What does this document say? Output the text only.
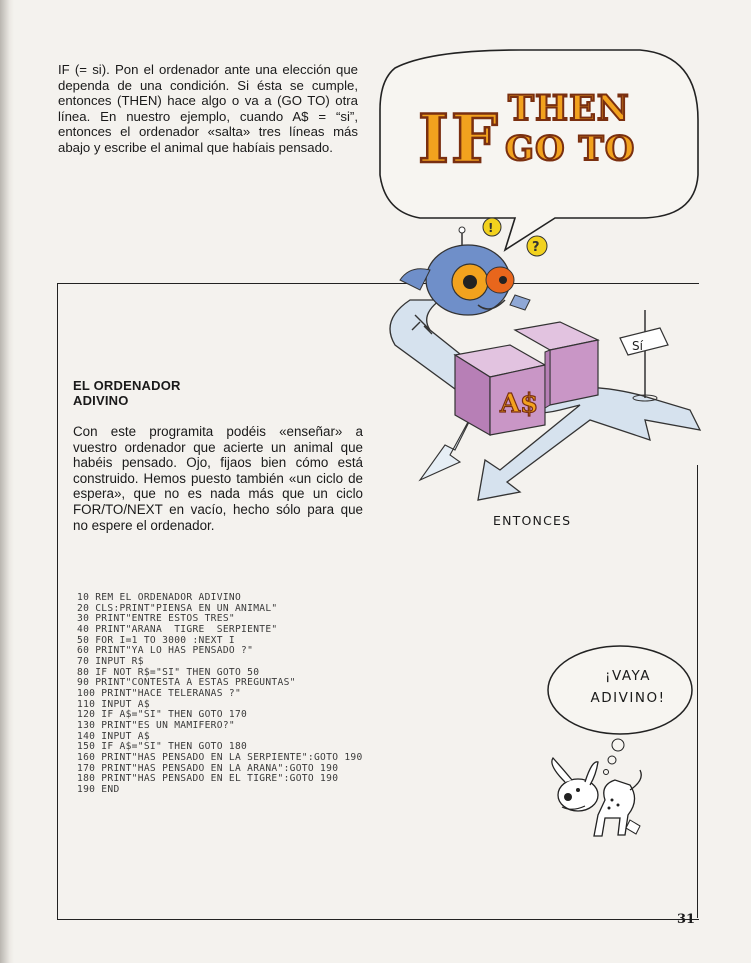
IF (= si). Pon el ordenador ante una elección que dependa de una condición. Si ésta se cumple, entonces (THEN) hace algo o va a (GO TO) otra línea. En nuestro ejemplo, cuando A$ = “si”, entonces el ordenador «salta» tres líneas más abajo y escribe el animal que habíais pensado.	IF THEN
GO TO
A$
!
?
Sí
ENTONCES
EL ORDENADOR
ADIVINO
Con este programita podéis «enseñar» a vuestro ordenador que acierte un animal que habéis pensado. Ojo, fijaos bien cómo está construido. Hemos puesto también «un ciclo de espera», que no es nada más que un ciclo FOR/TO/NEXT en vacío, hecho sólo para que no espere el ordenador.
10 REM EL ORDENADOR ADIVINO
20 CLS:PRINT"PIENSA EN UN ANIMAL"
30 PRINT"ENTRE ESTOS TRES"
40 PRINT"ARANA  TIGRE  SERPIENTE"
50 FOR I=1 TO 3000 :NEXT I
60 PRINT"YA LO HAS PENSADO ?"
70 INPUT R$
80 IF NOT R$="SI" THEN GOTO 50
90 PRINT"CONTESTA A ESTAS PREGUNTAS"
100 PRINT"HACE TELERANAS ?"
110 INPUT A$
120 IF A$="SI" THEN GOTO 170
130 PRINT"ES UN MAMIFERO?"
140 INPUT A$
150 IF A$="SI" THEN GOTO 180
160 PRINT"HAS PENSADO EN LA SERPIENTE":GOTO 190
170 PRINT"HAS PENSADO EN LA ARANA":GOTO 190
180 PRINT"HAS PENSADO EN EL TIGRE":GOTO 190
190 END
¡VAYA
ADIVINO!
31
